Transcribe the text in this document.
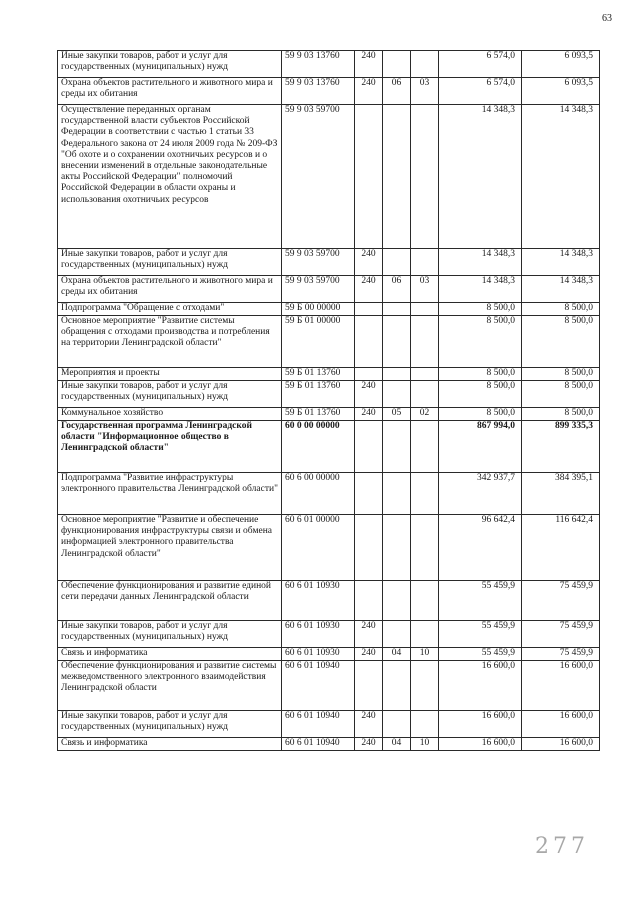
63
Иные закупки товаров, работ и услуг для государственных (муниципальных) нужд	59 9 03 13760	240			6 574,0	6 093,5
Охрана объектов растительного и животного мира и среды их обитания	59 9 03 13760	240	06	03	6 574,0	6 093,5
Осуществление переданных органам государственной власти субъектов Российской Федерации в соответствии с частью 1 статьи 33 Федерального закона от 24 июля 2009 года № 209-ФЗ "Об охоте и о сохранении охотничьих ресурсов и о внесении изменений в отдельные законодательные акты Российской Федерации" полномочий Российской Федерации в области охраны и использования охотничьих ресурсов	59 9 03 59700				14 348,3	14 348,3
Иные закупки товаров, работ и услуг для государственных (муниципальных) нужд	59 9 03 59700	240			14 348,3	14 348,3
Охрана объектов растительного и животного мира и среды их обитания	59 9 03 59700	240	06	03	14 348,3	14 348,3
Подпрограмма "Обращение с отходами"	59 Б 00 00000				8 500,0	8 500,0
Основное мероприятие "Развитие системы обращения с отходами производства и потребления на территории Ленинградской области"	59 Б 01 00000				8 500,0	8 500,0
Мероприятия и проекты	59 Б 01 13760				8 500,0	8 500,0
Иные закупки товаров, работ и услуг для государственных (муниципальных) нужд	59 Б 01 13760	240			8 500,0	8 500,0
Коммунальное хозяйство	59 Б 01 13760	240	05	02	8 500,0	8 500,0
Государственная программа Ленинградской области "Информационное общество в Ленинградской области"	60 0 00 00000				867 994,0	899 335,3
Подпрограмма "Развитие инфраструктуры электронного правительства Ленинградской области"	60 6 00 00000				342 937,7	384 395,1
Основное мероприятие "Развитие и обеспечение функционирования инфраструктуры связи и обмена информацией электронного правительства Ленинградской области"	60 6 01 00000				96 642,4	116 642,4
Обеспечение функционирования и развитие единой сети передачи данных Ленинградской области	60 6 01 10930				55 459,9	75 459,9
Иные закупки товаров, работ и услуг для государственных (муниципальных) нужд	60 6 01 10930	240			55 459,9	75 459,9
Связь и информатика	60 6 01 10930	240	04	10	55 459,9	75 459,9
Обеспечение функционирования и развитие системы межведомственного электронного взаимодействия Ленинградской области	60 6 01 10940				16 600,0	16 600,0
Иные закупки товаров, работ и услуг для государственных (муниципальных) нужд	60 6 01 10940	240			16 600,0	16 600,0
Связь и информатика	60 6 01 10940	240	04	10	16 600,0	16 600,0
277
